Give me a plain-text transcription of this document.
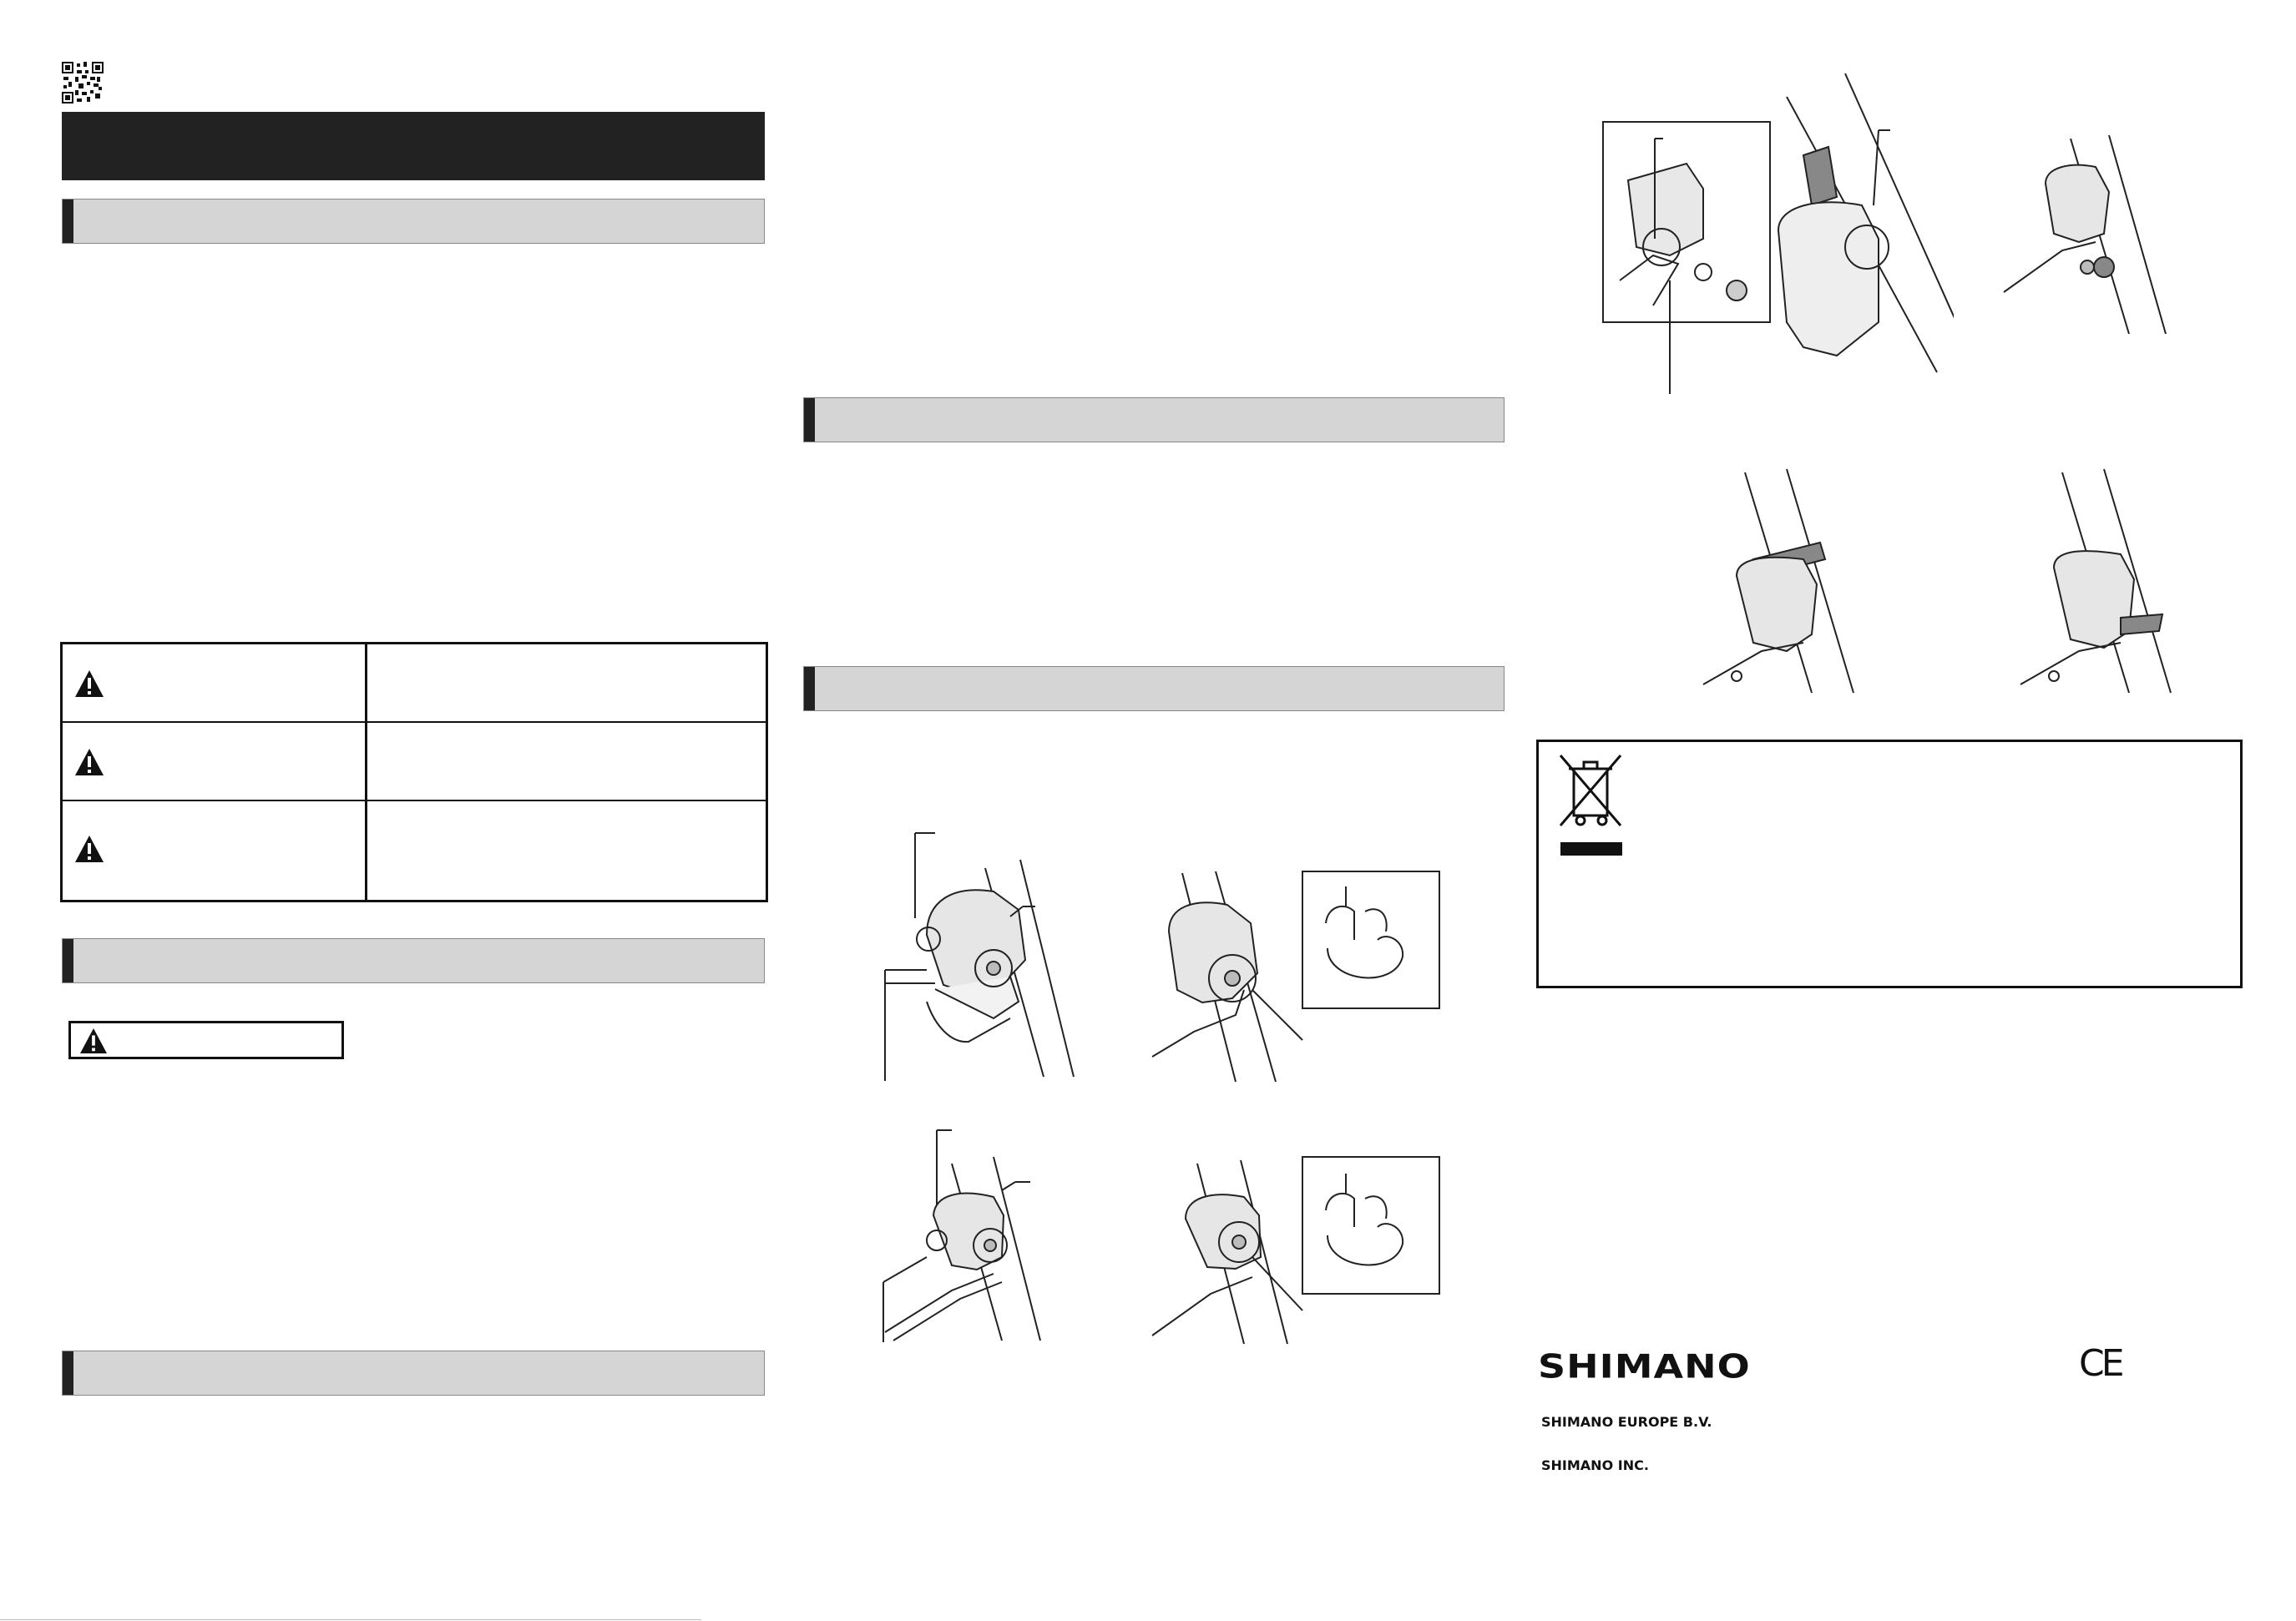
SHIMANO	CE
SHIMANO EUROPE B.V.
SHIMANO INC.
